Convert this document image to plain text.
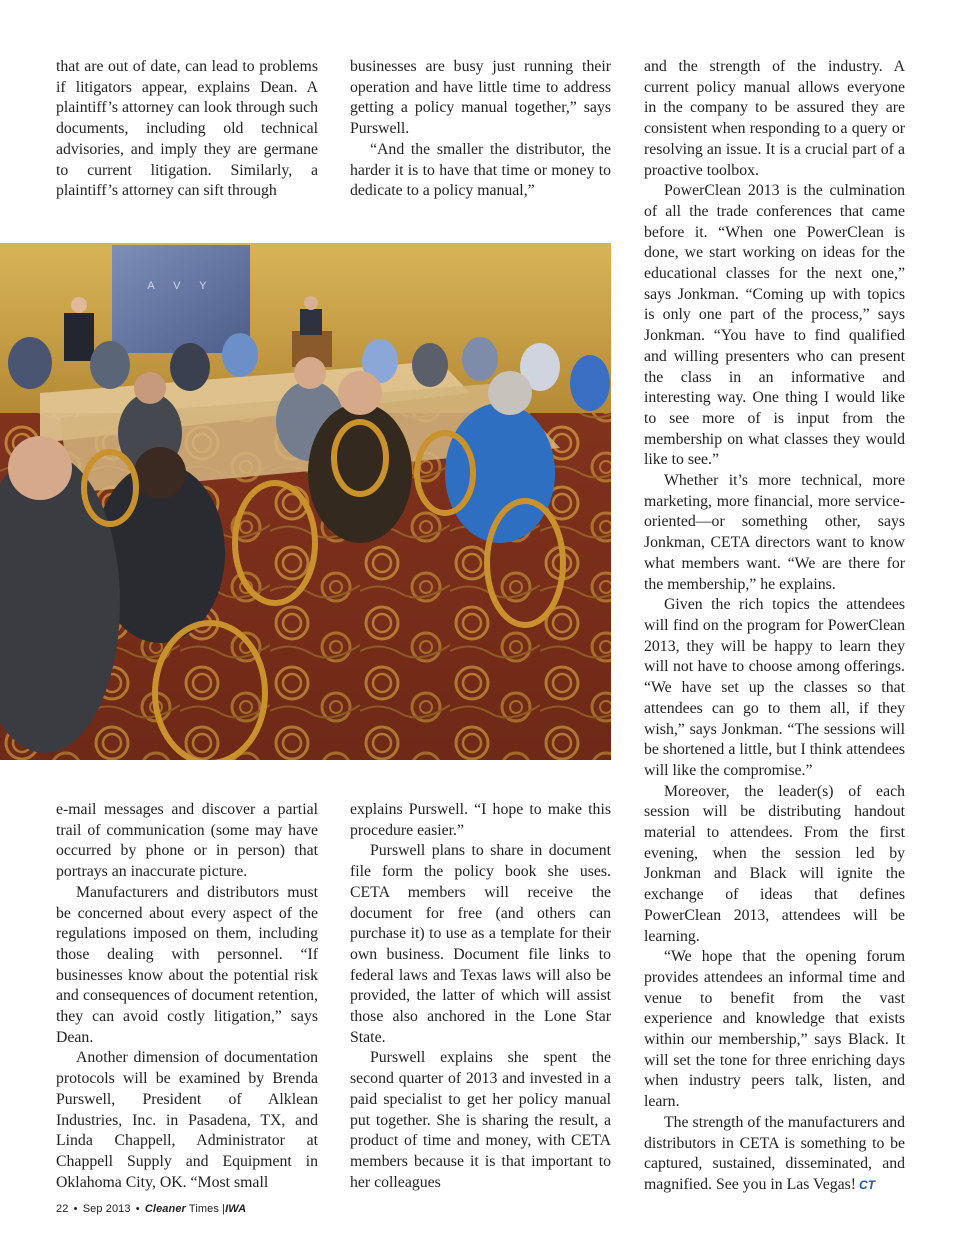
that are out of date, can lead to problems if litigators appear, explains Dean. A plaintiff’s attorney can look through such documents, including old technical advisories, and imply they are germane to current litigation. Similarly, a plaintiff’s attorney can sift through

businesses are busy just running their operation and have little time to address getting a policy manual together,” says Purswell.

“And the smaller the distributor, the harder it is to have that time or money to dedicate to a policy manual,”

and the strength of the industry. A current policy manual allows everyone in the company to be assured they are consistent when responding to a query or resolving an issue. It is a crucial part of a proactive toolbox.

PowerClean 2013 is the culmination of all the trade conferences that came before it. “When one PowerClean is done, we start working on ideas for the educational classes for the next one,” says Jonkman. “Coming up with topics is only one part of the process,” says Jonkman. “You have to find qualified and willing presenters who can present the class in an informative and interesting way. One thing I would like to see more of is input from the membership on what classes they would like to see.”

Whether it’s more technical, more marketing, more financial, more service-oriented—or something other, says Jonkman, CETA directors want to know what members want. “We are there for the membership,” he explains.

Given the rich topics the attendees will find on the program for PowerClean 2013, they will be happy to learn they will not have to choose among offerings. “We have set up the classes so that attendees can go to them all, if they wish,” says Jonkman. “The sessions will be shortened a little, but I think attendees will like the compromise.”

Moreover, the leader(s) of each session will be distributing handout material to attendees. From the first evening, when the session led by Jonkman and Black will ignite the exchange of ideas that defines PowerClean 2013, attendees will be learning.

“We hope that the opening forum provides attendees an informal time and venue to benefit from the vast experience and knowledge that exists within our membership,” says Black. It will set the tone for three enriching days when industry peers talk, listen, and learn.

The strength of the manufacturers and distributors in CETA is something to be captured, sustained, disseminated, and magnified. See you in Las Vegas! CT

A V Y

e-mail messages and discover a partial trail of communication (some may have occurred by phone or in person) that portrays an inaccurate picture.

Manufacturers and distributors must be concerned about every aspect of the regulations imposed on them, including those dealing with personnel. “If businesses know about the potential risk and consequences of document retention, they can avoid costly litigation,” says Dean.

Another dimension of documentation protocols will be examined by Brenda Purswell, President of Alklean Industries, Inc. in Pasadena, TX, and Linda Chappell, Administrator at Chappell Supply and Equipment in Oklahoma City, OK. “Most small

explains Purswell. “I hope to make this procedure easier.”

Purswell plans to share in document file form the policy book she uses. CETA members will receive the document for free (and others can purchase it) to use as a template for their own business. Document file links to federal laws and Texas laws will also be provided, the latter of which will assist those also anchored in the Lone Star State.

Purswell explains she spent the second quarter of 2013 and invested in a paid specialist to get her policy manual put together. She is sharing the result, a product of time and money, with CETA members because it is that important to her colleagues

22 • Sep 2013 • Cleaner Times |IWA
